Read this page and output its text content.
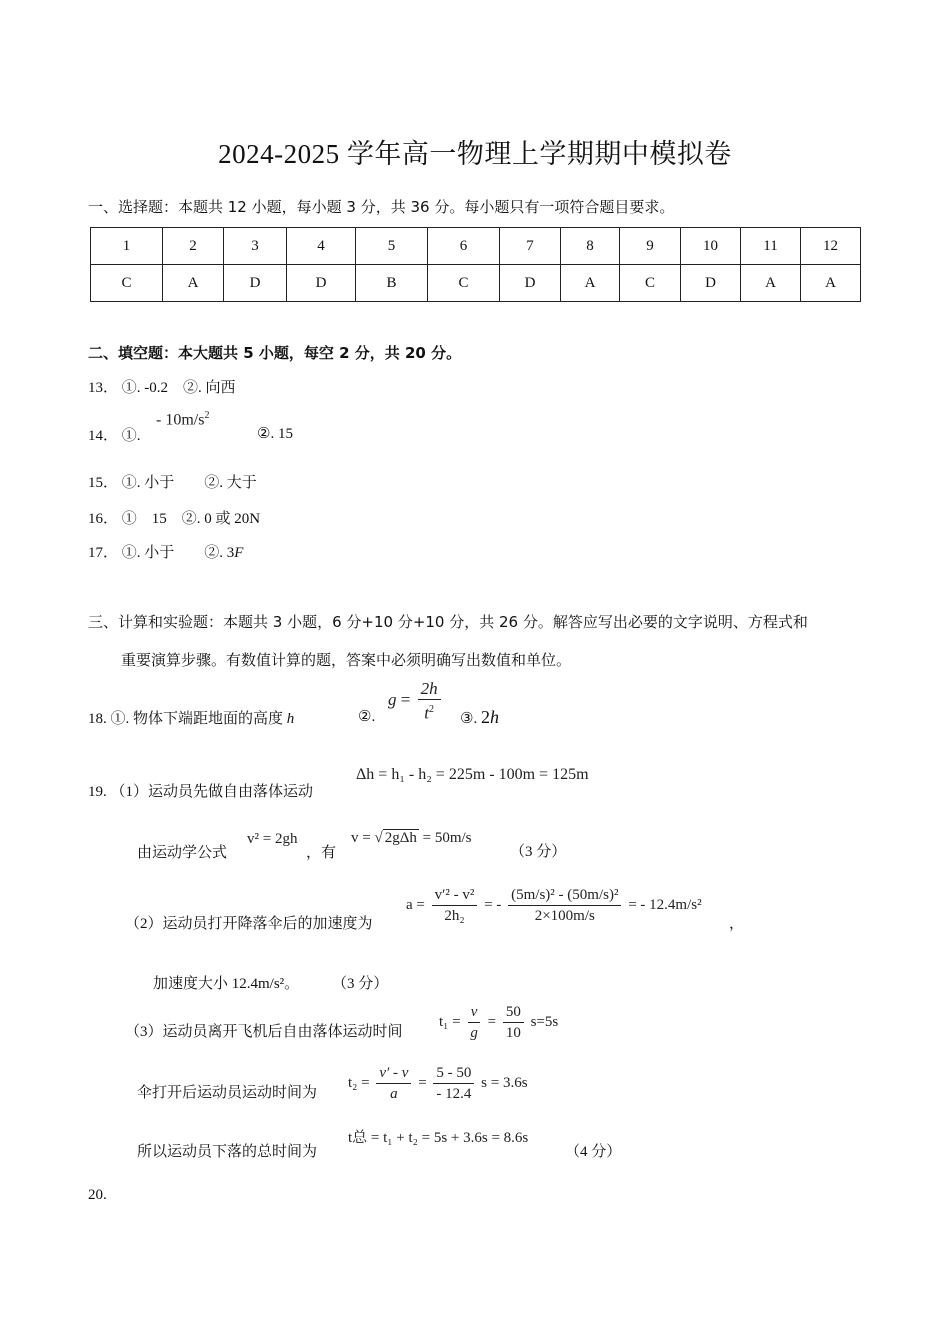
2024-2025 学年高一物理上学期期中模拟卷
一、选择题：本题共 12 小题，每小题 3 分，共 36 分。每小题只有一项符合题目要求。
1	2	3	4	5	6	7	8	9	10	11	12
C	A	D	D	B	C	D	A	C	D	A	A
二、填空题：本大题共 5 小题，每空 2 分，共 20 分。
13． ①. -0.2　②. 向西
14． ①.
- $10m/s^2$
②. 15
15． ①. 小于　　②. 大于
16． ①　15　②. 0 或 20N
17． ①. 小于　　②. 3F
三、计算和实验题：本题共 3 小题，6 分+10 分+10 分，共 26 分。解答应写出必要的文字说明、方程式和
重要演算步骤。有数值计算的题，答案中必须明确写出数值和单位。
18. ①. 物体下端距地面的高度 h	②.
$g = \frac{2h}{t^2}$ ③. 2h
19. （1）运动员先做自由落体运动
Δh = h₁ - h₂ = 225m - 100m = 125m
由运动学公式
v² = 2gh
，有
v = √ 2gΔh = 50m/s
（3 分）
（2）运动员打开降落伞后的加速度为
$a = \frac{\text{v′² - v²}}{\text{2h₂}}$ = - $\frac{\text{(5m/s)² - (50m/s)²}}{2\times 100m/s}$ = - 12.4m/s²
，
加速度大小 12.4m/s²。 （3 分）
（3）运动员离开飞机后自由落体运动时间
$t_1 = \frac{v}{g} = \frac{50}{10} s=5s$
伞打开后运动员运动时间为
$t_2 = \frac{v' - v}{a} = \frac{5 - 50}{- 12.4}$ s = 3.6s
所以运动员下落的总时间为
t总 = t₁ + t₂ = 5s + 3.6s = 8.6s
（4 分）
20.
